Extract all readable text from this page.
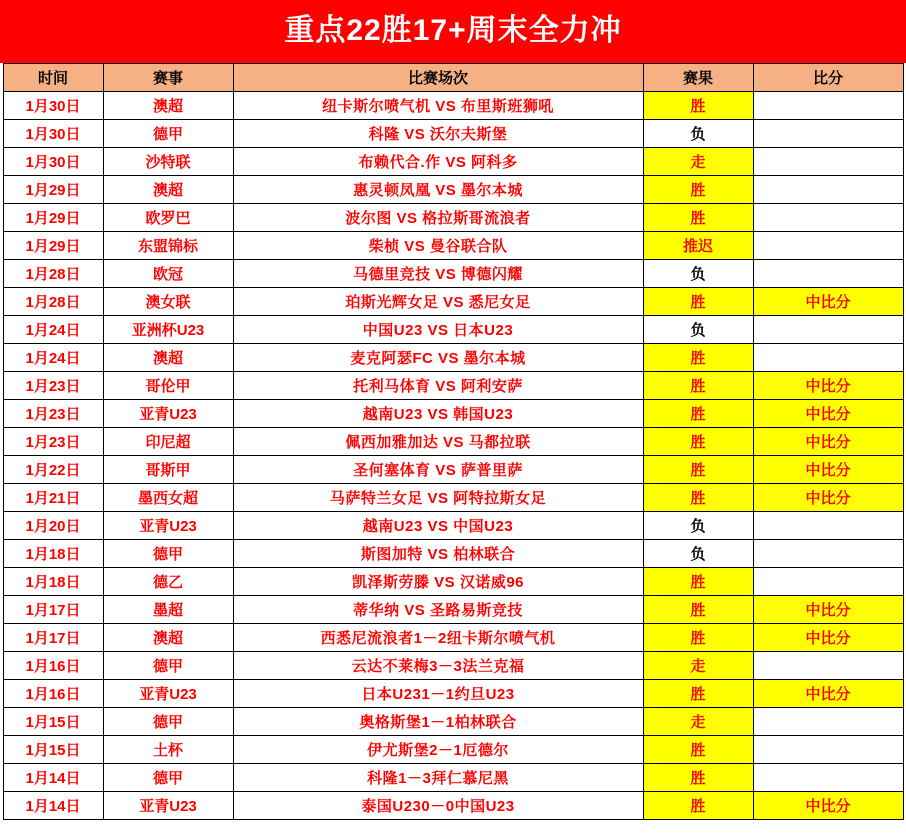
重点22胜17+周末全力冲
时间	赛事	比赛场次	赛果	比分
1月30日	澳超	纽卡斯尔喷气机 VS 布里斯班狮吼	胜	
1月30日	德甲	科隆 VS 沃尔夫斯堡	负	
1月30日	沙特联	布赖代合.作 VS 阿科多	走	
1月29日	澳超	惠灵顿凤凰 VS 墨尔本城	胜	
1月29日	欧罗巴	波尔图 VS 格拉斯哥流浪者	胜	
1月29日	东盟锦标	柴桢 VS 曼谷联合队	推迟	
1月28日	欧冠	马德里竞技 VS 博德闪耀	负	
1月28日	澳女联	珀斯光辉女足 VS 悉尼女足	胜	中比分
1月24日	亚洲杯U23	中国U23 VS 日本U23	负	
1月24日	澳超	麦克阿瑟FC VS 墨尔本城	胜	
1月23日	哥伦甲	托利马体育 VS 阿利安萨	胜	中比分
1月23日	亚青U23	越南U23 VS 韩国U23	胜	中比分
1月23日	印尼超	佩西加雅加达 VS 马都拉联	胜	中比分
1月22日	哥斯甲	圣何塞体育 VS 萨普里萨	胜	中比分
1月21日	墨西女超	马萨特兰女足 VS 阿特拉斯女足	胜	中比分
1月20日	亚青U23	越南U23 VS 中国U23	负	
1月18日	德甲	斯图加特 VS 柏林联合	负	
1月18日	德乙	凯泽斯劳滕 VS 汉诺威96	胜	
1月17日	墨超	蒂华纳 VS 圣路易斯竞技	胜	中比分
1月17日	澳超	西悉尼流浪者1－2纽卡斯尔喷气机	胜	中比分
1月16日	德甲	云达不莱梅3－3法兰克福	走	
1月16日	亚青U23	日本U231－1约旦U23	胜	中比分
1月15日	德甲	奥格斯堡1－1柏林联合	走	
1月15日	土杯	伊尤斯堡2－1厄德尔	胜	
1月14日	德甲	科隆1－3拜仁慕尼黑	胜	
1月14日	亚青U23	泰国U230－0中国U23	胜	中比分
